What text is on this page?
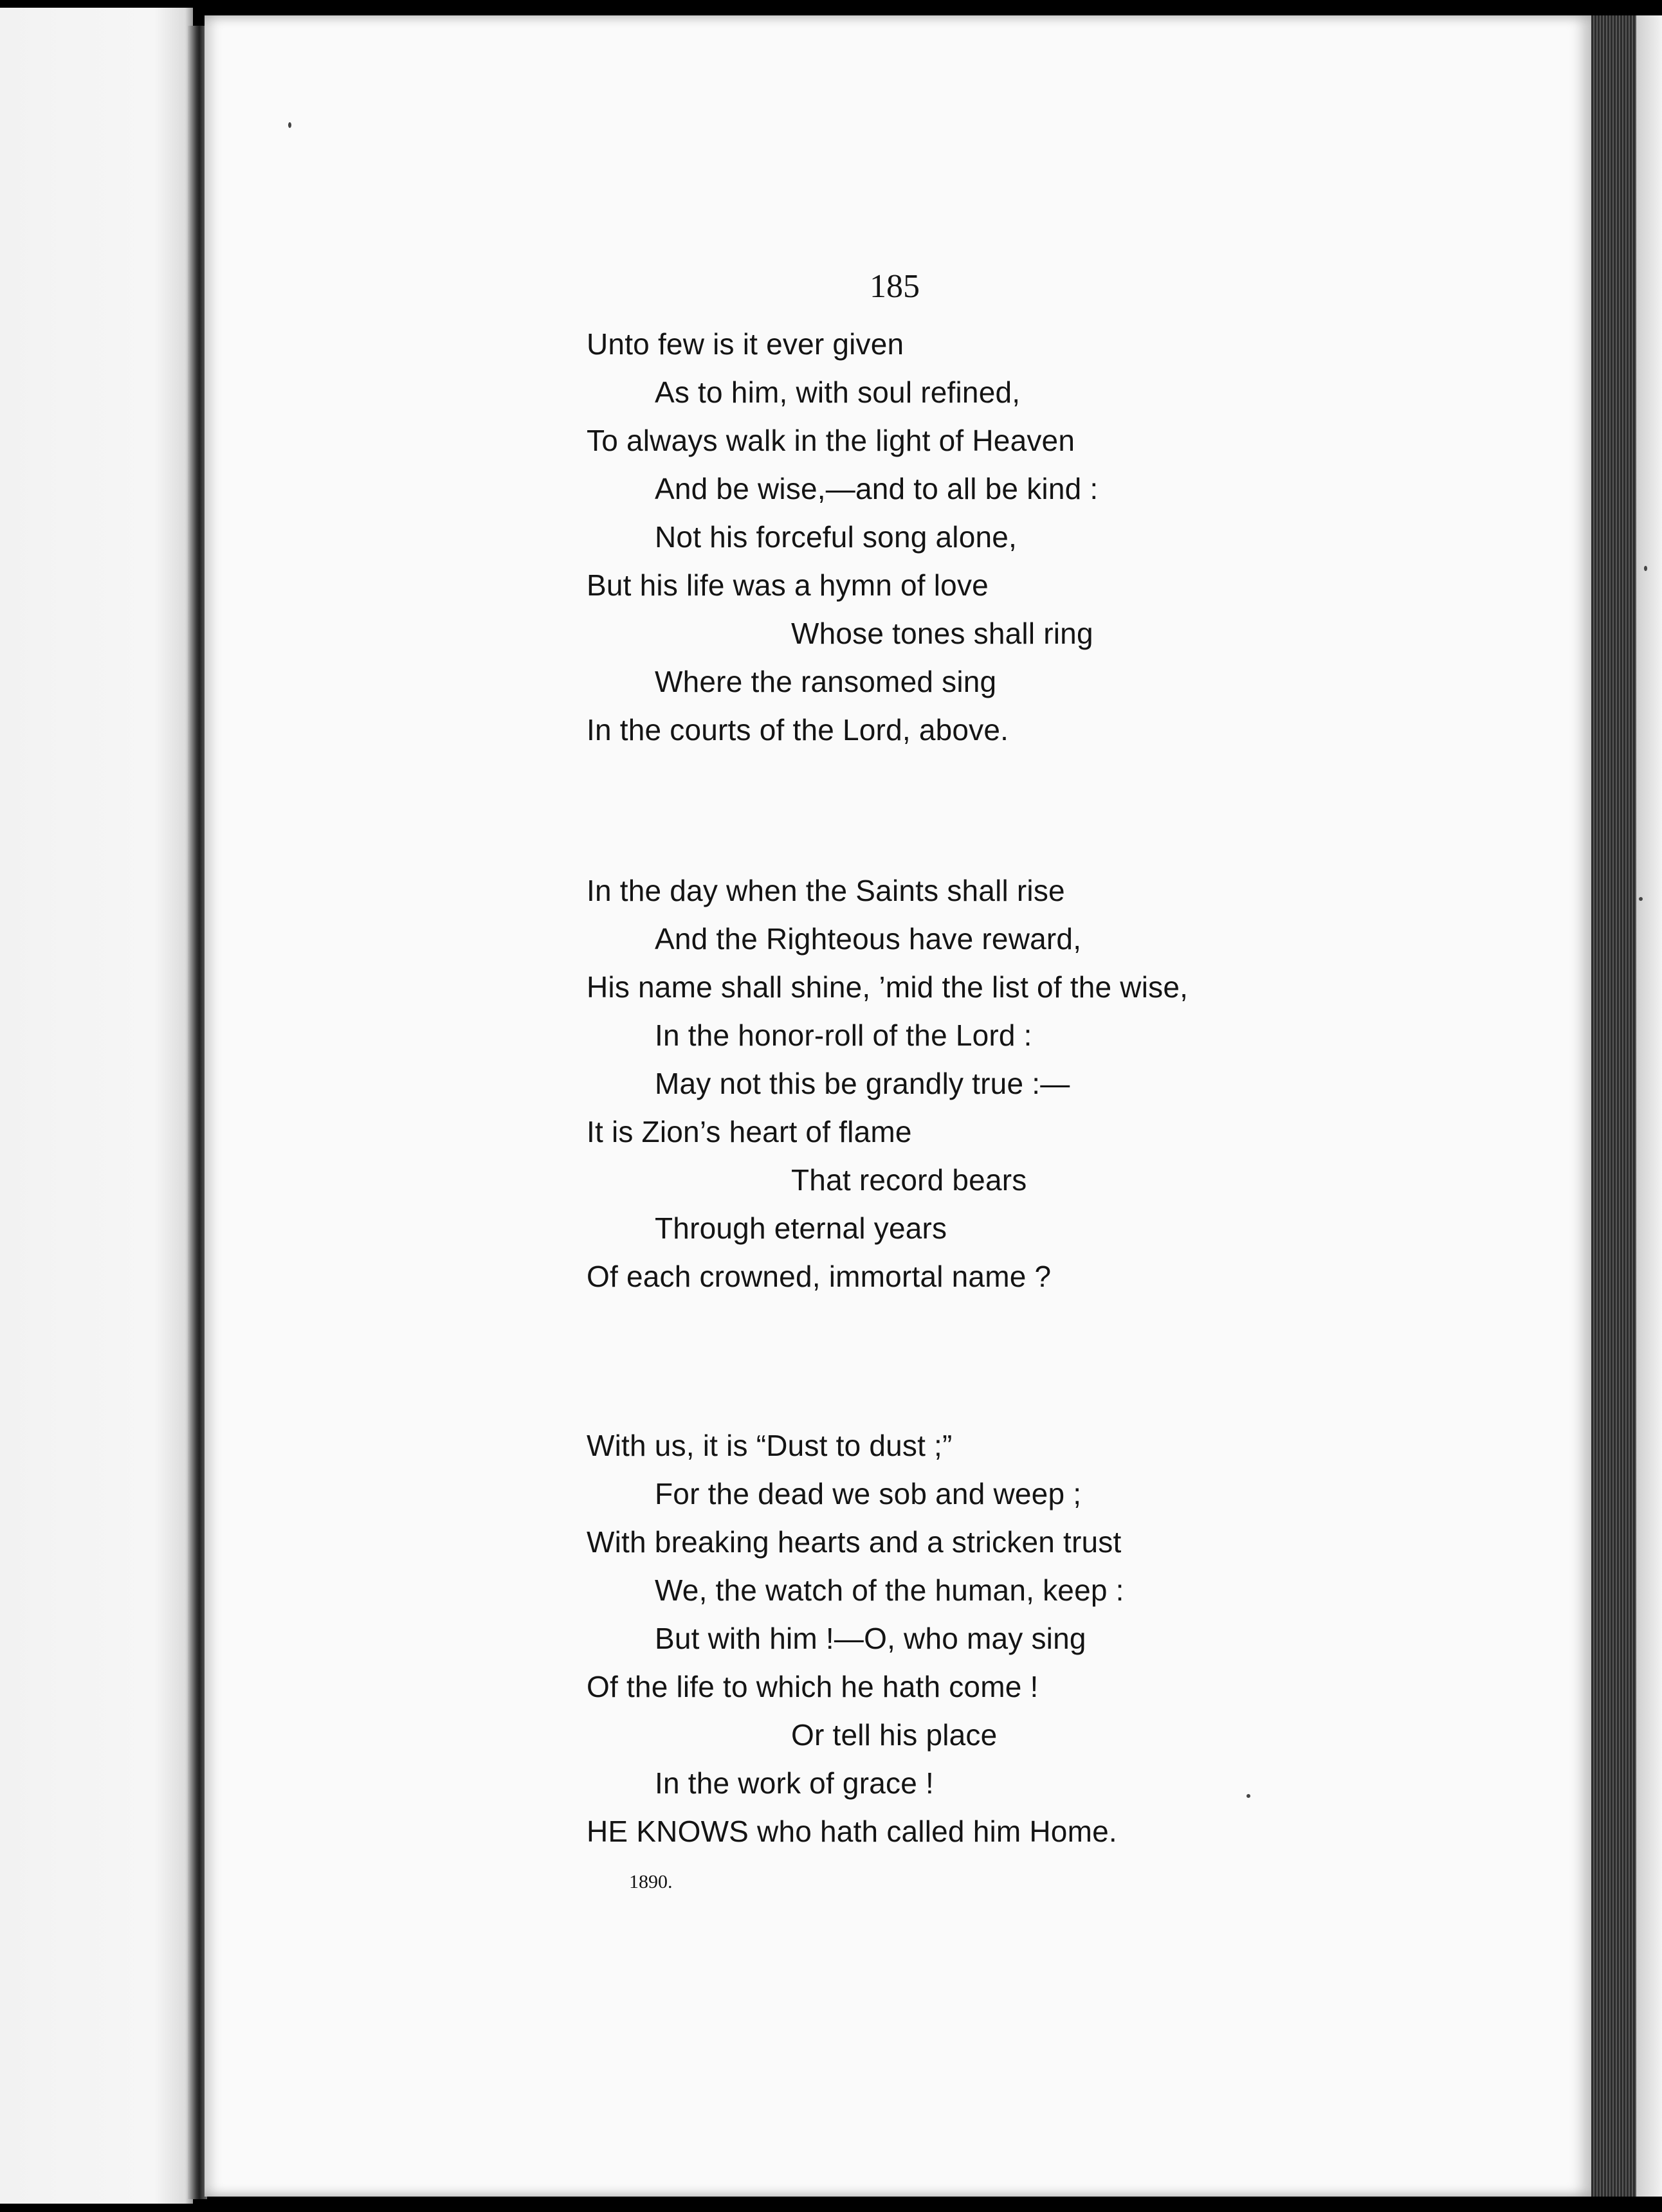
185
Unto few is it ever given
As to him, with soul refined,
To always walk in the light of Heaven
And be wise,—and to all be kind :
Not his forceful song alone,
But his life was a hymn of love
Whose tones shall ring
Where the ransomed sing
In the courts of the Lord, above.
In the day when the Saints shall rise
And the Righteous have reward,
His name shall shine, ’mid the list of the wise,
In the honor-roll of the Lord :
May not this be grandly true :—
It is Zion’s heart of flame
That record bears
Through eternal years
Of each crowned, immortal name ?
With us, it is “Dust to dust ;”
For the dead we sob and weep ;
With breaking hearts and a stricken trust
We, the watch of the human, keep :
But with him !—O, who may sing
Of the life to which he hath come !
Or tell his place
In the work of grace !
HE KNOWS who hath called him Home.
1890.
